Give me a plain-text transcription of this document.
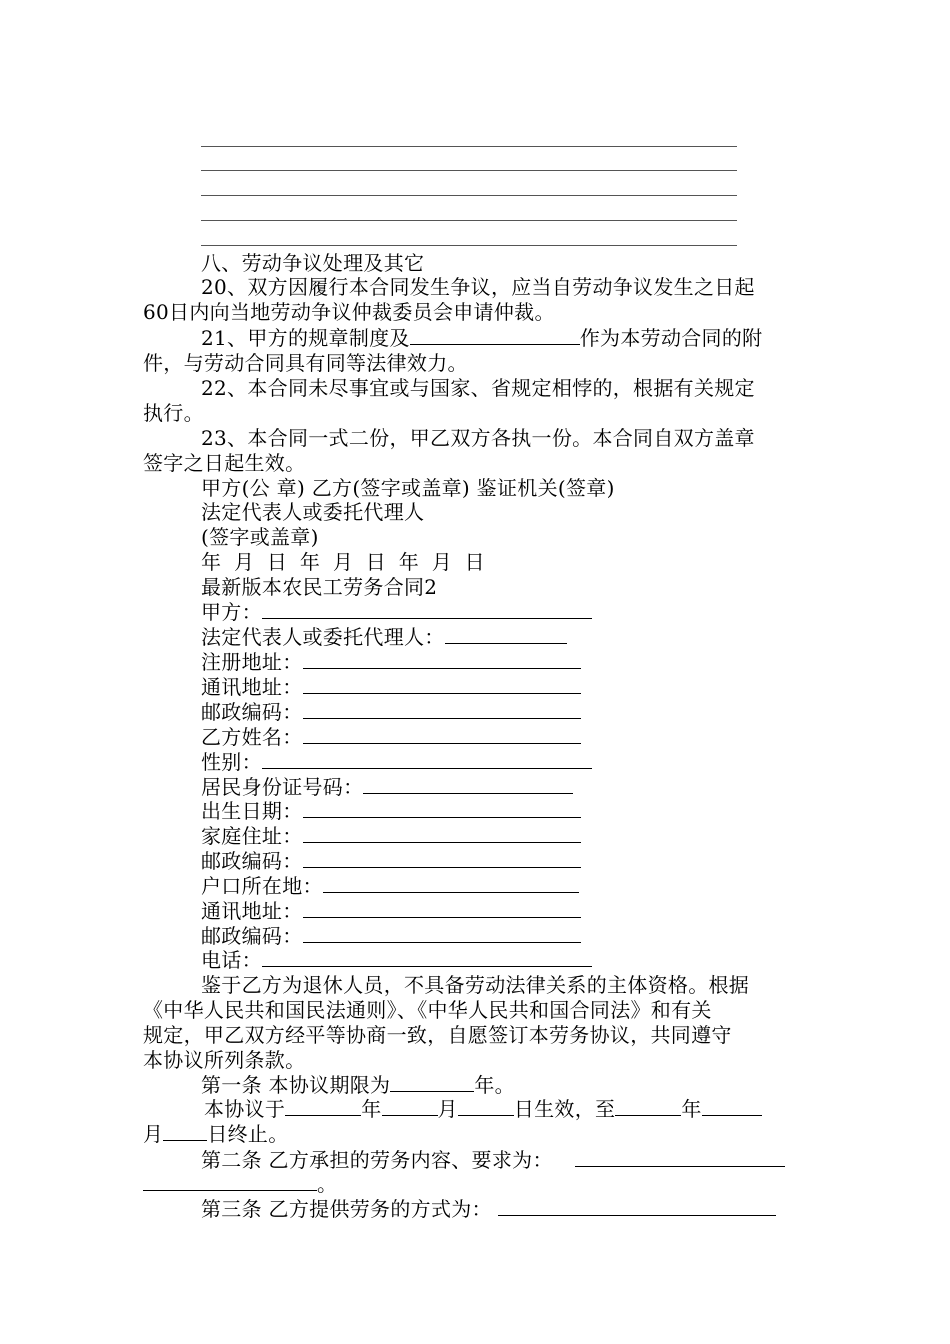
八、劳动争议处理及其它
20、双方因履行本合同发生争议，应当自劳动争议发生之日起
60日内向当地劳动争议仲裁委员会申请仲裁。
21、甲方的规章制度及	作为本劳动合同的附
件，与劳动合同具有同等法律效力。
22、本合同未尽事宜或与国家、省规定相悖的，根据有关规定
执行。
23、本合同一式二份，甲乙双方各执一份。本合同自双方盖章
签字之日起生效。
甲方(公 章) 乙方(签字或盖章) 鉴证机关(签章)
法定代表人或委托代理人
(签字或盖章)
年 月 日 年 月 日 年 月 日
最新版本农民工劳务合同2
甲方：
法定代表人或委托代理人：
注册地址：
通讯地址：
邮政编码：
乙方姓名：
性别：
居民身份证号码：
出生日期：
家庭住址：
邮政编码：
户口所在地：
通讯地址：
邮政编码：
电话：
鉴于乙方为退休人员，不具备劳动法律关系的主体资格。根据
《中华人民共和国民法通则》、《中华人民共和国合同法》和有关
规定，甲乙双方经平等协商一致，自愿签订本劳务协议，共同遵守
本协议所列条款。
第一条 本协议期限为	年。
本协议于	年	月	日生效，至	年
月 日终止。
第二条 乙方承担的劳务内容、要求为：
。
第三条 乙方提供劳务的方式为：
